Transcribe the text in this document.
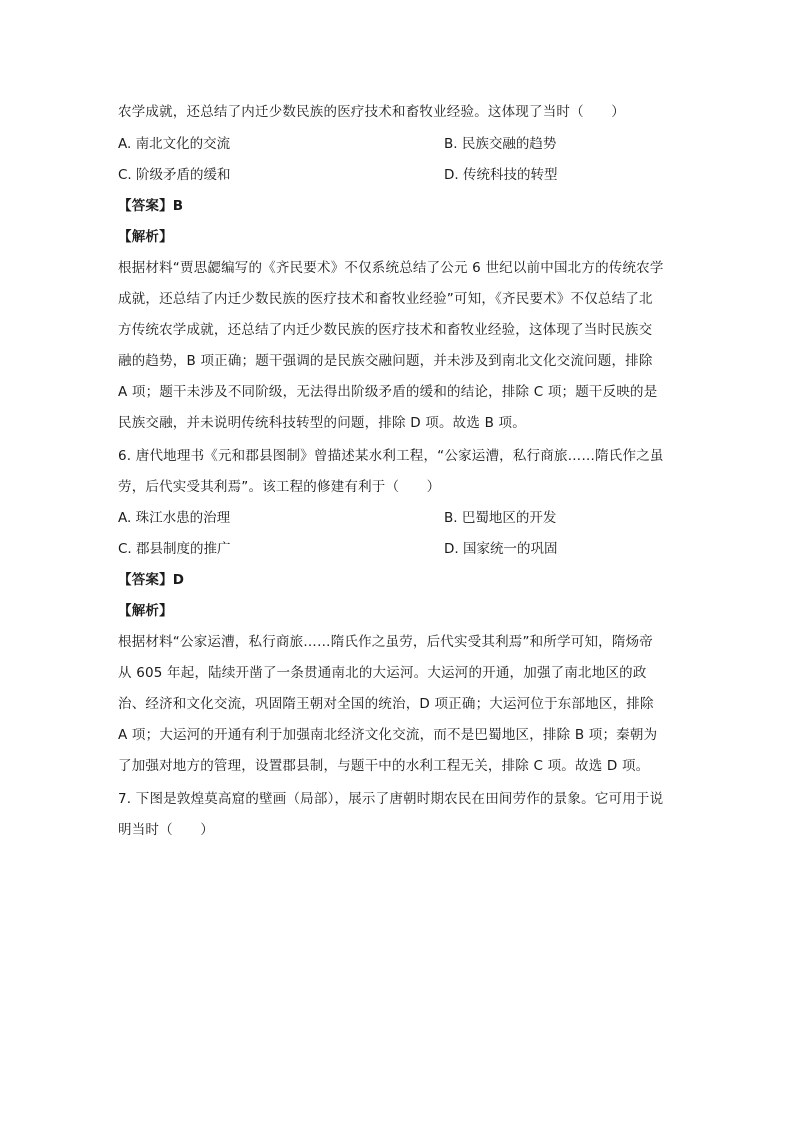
农学成就，还总结了内迁少数民族的医疗技术和畜牧业经验。这体现了当时（　　）
A. 南北文化的交流	B. 民族交融的趋势
C. 阶级矛盾的缓和	D. 传统科技的转型
【答案】B
【解析】
根据材料“贾思勰编写的《齐民要术》不仅系统总结了公元 6 世纪以前中国北方的传统农学
成就，还总结了内迁少数民族的医疗技术和畜牧业经验”可知，《齐民要术》不仅总结了北
方传统农学成就，还总结了内迁少数民族的医疗技术和畜牧业经验，这体现了当时民族交
融的趋势，B 项正确；题干强调的是民族交融问题，并未涉及到南北文化交流问题，排除
A 项；题干未涉及不同阶级，无法得出阶级矛盾的缓和的结论，排除 C 项；题干反映的是
民族交融，并未说明传统科技转型的问题，排除 D 项。故选 B 项。
6. 唐代地理书《元和郡县图制》曾描述某水利工程，“公家运漕，私行商旅……隋氏作之虽
劳，后代实受其利焉”。该工程的修建有利于（　　）
A. 珠江水患的治理	B. 巴蜀地区的开发
C. 郡县制度的推广	D. 国家统一的巩固
【答案】D
【解析】
根据材料“公家运漕，私行商旅……隋氏作之虽劳，后代实受其利焉”和所学可知，隋炀帝
从 605 年起，陆续开凿了一条贯通南北的大运河。大运河的开通，加强了南北地区的政
治、经济和文化交流，巩固隋王朝对全国的统治，D 项正确；大运河位于东部地区，排除
A 项；大运河的开通有利于加强南北经济文化交流，而不是巴蜀地区，排除 B 项；秦朝为
了加强对地方的管理，设置郡县制，与题干中的水利工程无关，排除 C 项。故选 D 项。
7. 下图是敦煌莫高窟的壁画（局部），展示了唐朝时期农民在田间劳作的景象。它可用于说
明当时（　　）
